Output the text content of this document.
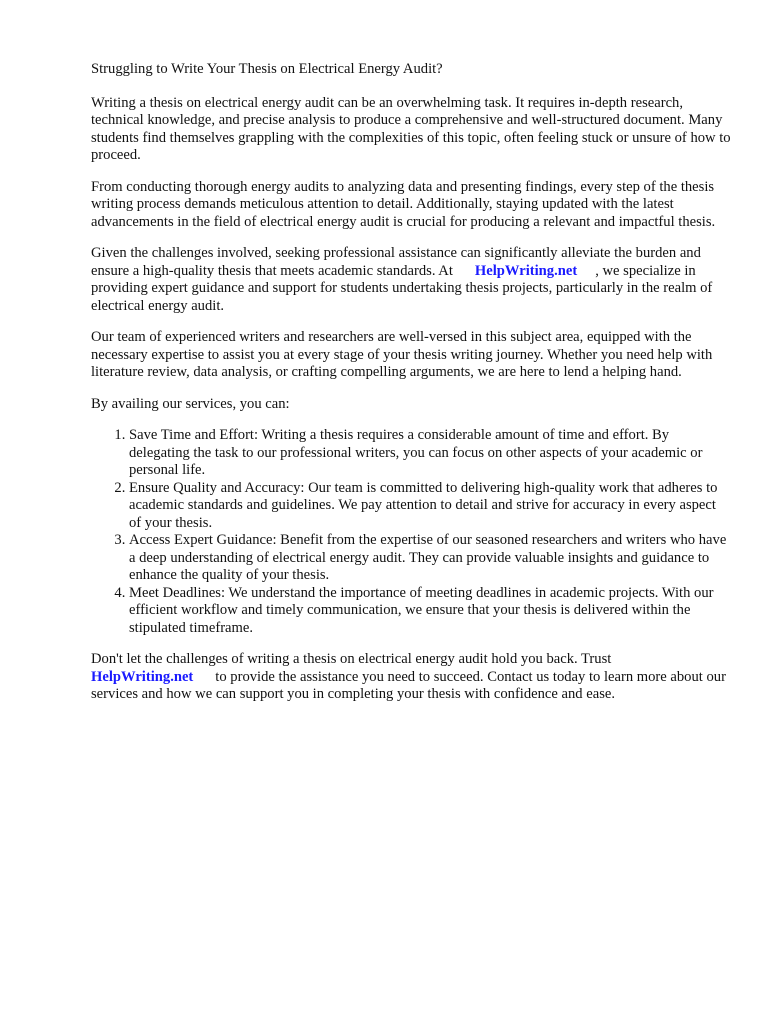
Struggling to Write Your Thesis on Electrical Energy Audit?

Writing a thesis on electrical energy audit can be an overwhelming task. It requires in-depth research, technical knowledge, and precise analysis to produce a comprehensive and well-structured document. Many students find themselves grappling with the complexities of this topic, often feeling stuck or unsure of how to proceed.

From conducting thorough energy audits to analyzing data and presenting findings, every step of the thesis writing process demands meticulous attention to detail. Additionally, staying updated with the latest advancements in the field of electrical energy audit is crucial for producing a relevant and impactful thesis.

Given the challenges involved, seeking professional assistance can significantly alleviate the burden and ensure a high-quality thesis that meets academic standards. At HelpWriting.net , we specialize in providing expert guidance and support for students undertaking thesis projects, particularly in the realm of electrical energy audit.

Our team of experienced writers and researchers are well-versed in this subject area, equipped with the necessary expertise to assist you at every stage of your thesis writing journey. Whether you need help with literature review, data analysis, or crafting compelling arguments, we are here to lend a helping hand.

By availing our services, you can:

1. Save Time and Effort: Writing a thesis requires a considerable amount of time and effort. By delegating the task to our professional writers, you can focus on other aspects of your academic or personal life.
2. Ensure Quality and Accuracy: Our team is committed to delivering high-quality work that adheres to academic standards and guidelines. We pay attention to detail and strive for accuracy in every aspect of your thesis.
3. Access Expert Guidance: Benefit from the expertise of our seasoned researchers and writers who have a deep understanding of electrical energy audit. They can provide valuable insights and guidance to enhance the quality of your thesis.
4. Meet Deadlines: We understand the importance of meeting deadlines in academic projects. With our efficient workflow and timely communication, we ensure that your thesis is delivered within the stipulated timeframe.

Don't let the challenges of writing a thesis on electrical energy audit hold you back. Trust
HelpWriting.net to provide the assistance you need to succeed. Contact us today to learn more about our services and how we can support you in completing your thesis with confidence and ease.
